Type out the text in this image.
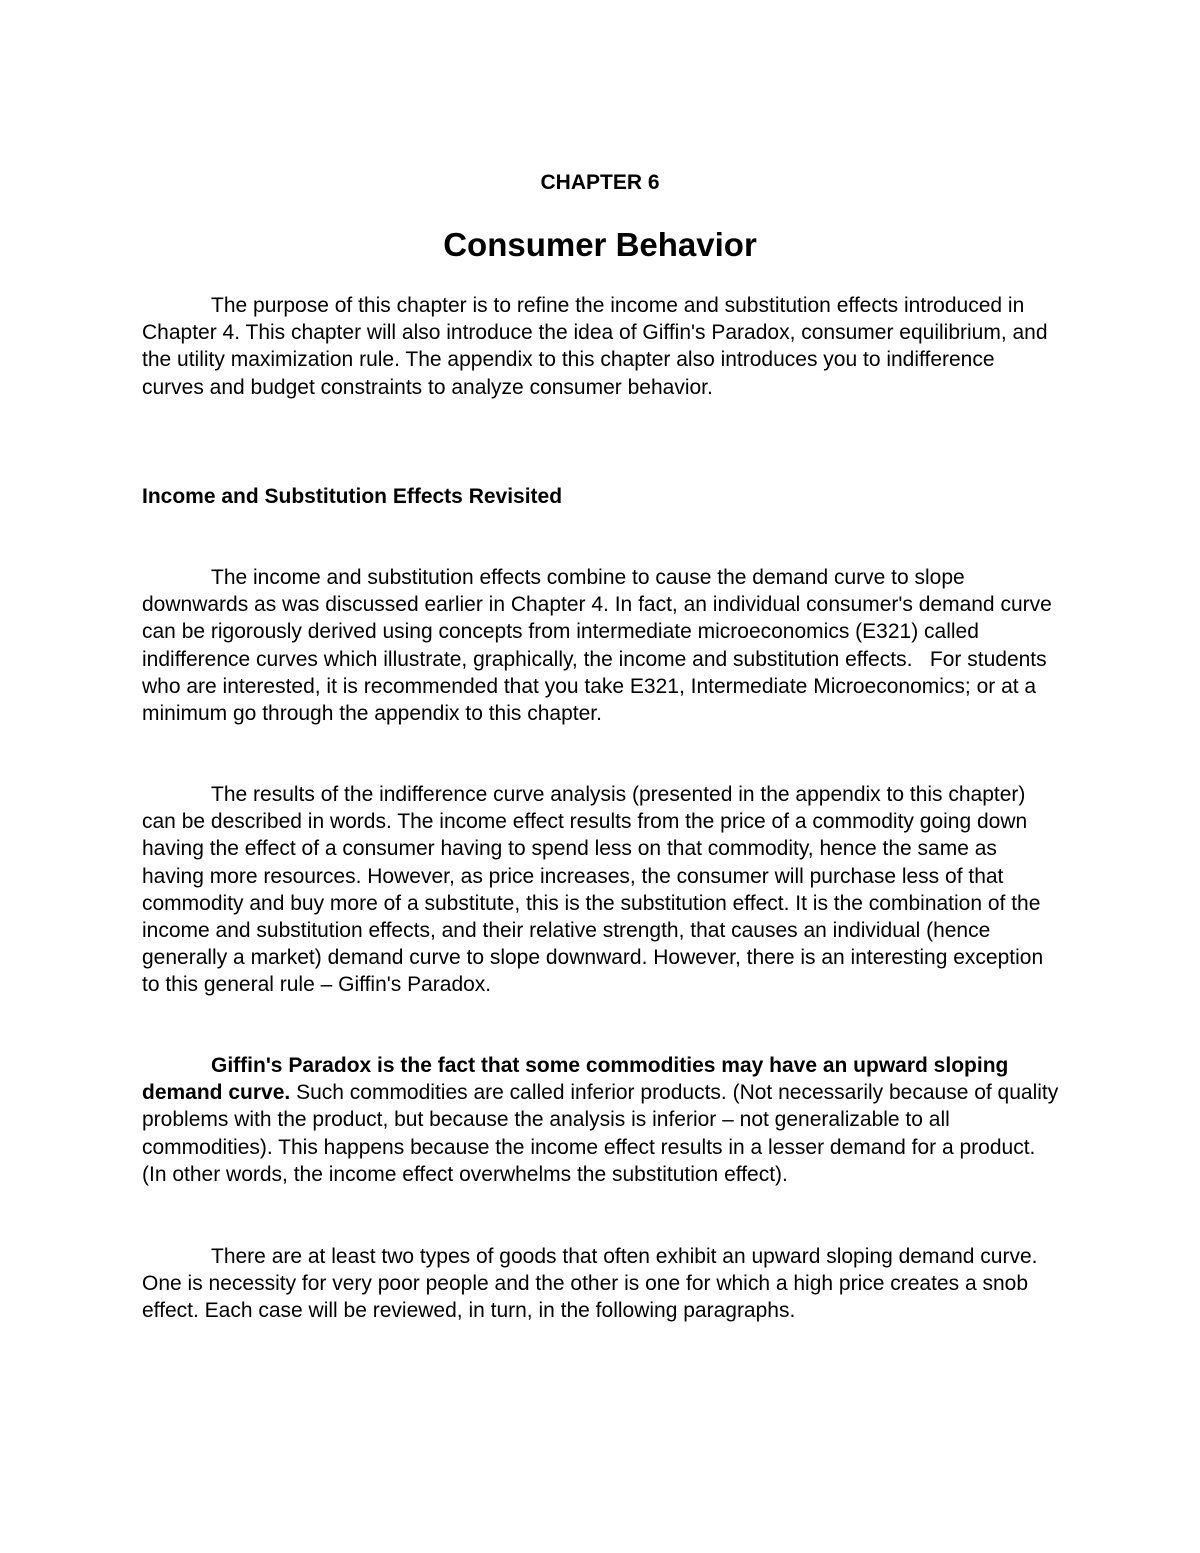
CHAPTER 6
Consumer Behavior

The purpose of this chapter is to refine the income and substitution effects introduced in Chapter 4. This chapter will also introduce the idea of Giffin's Paradox, consumer equilibrium, and the utility maximization rule. The appendix to this chapter also introduces you to indifference curves and budget constraints to analyze consumer behavior.

Income and Substitution Effects Revisited

The income and substitution effects combine to cause the demand curve to slope downwards as was discussed earlier in Chapter 4. In fact, an individual consumer's demand curve can be rigorously derived using concepts from intermediate microeconomics (E321) called indifference curves which illustrate, graphically, the income and substitution effects.   For students who are interested, it is recommended that you take E321, Intermediate Microeconomics; or at a minimum go through the appendix to this chapter.

The results of the indifference curve analysis (presented in the appendix to this chapter) can be described in words. The income effect results from the price of a commodity going down having the effect of a consumer having to spend less on that commodity, hence the same as having more resources. However, as price increases, the consumer will purchase less of that commodity and buy more of a substitute, this is the substitution effect. It is the combination of the income and substitution effects, and their relative strength, that causes an individual (hence generally a market) demand curve to slope downward. However, there is an interesting exception to this general rule – Giffin's Paradox.

Giffin's Paradox is the fact that some commodities may have an upward sloping demand curve. Such commodities are called inferior products. (Not necessarily because of quality problems with the product, but because the analysis is inferior – not generalizable to all commodities). This happens because the income effect results in a lesser demand for a product. (In other words, the income effect overwhelms the substitution effect).

There are at least two types of goods that often exhibit an upward sloping demand curve. One is necessity for very poor people and the other is one for which a high price creates a snob effect. Each case will be reviewed, in turn, in the following paragraphs.
